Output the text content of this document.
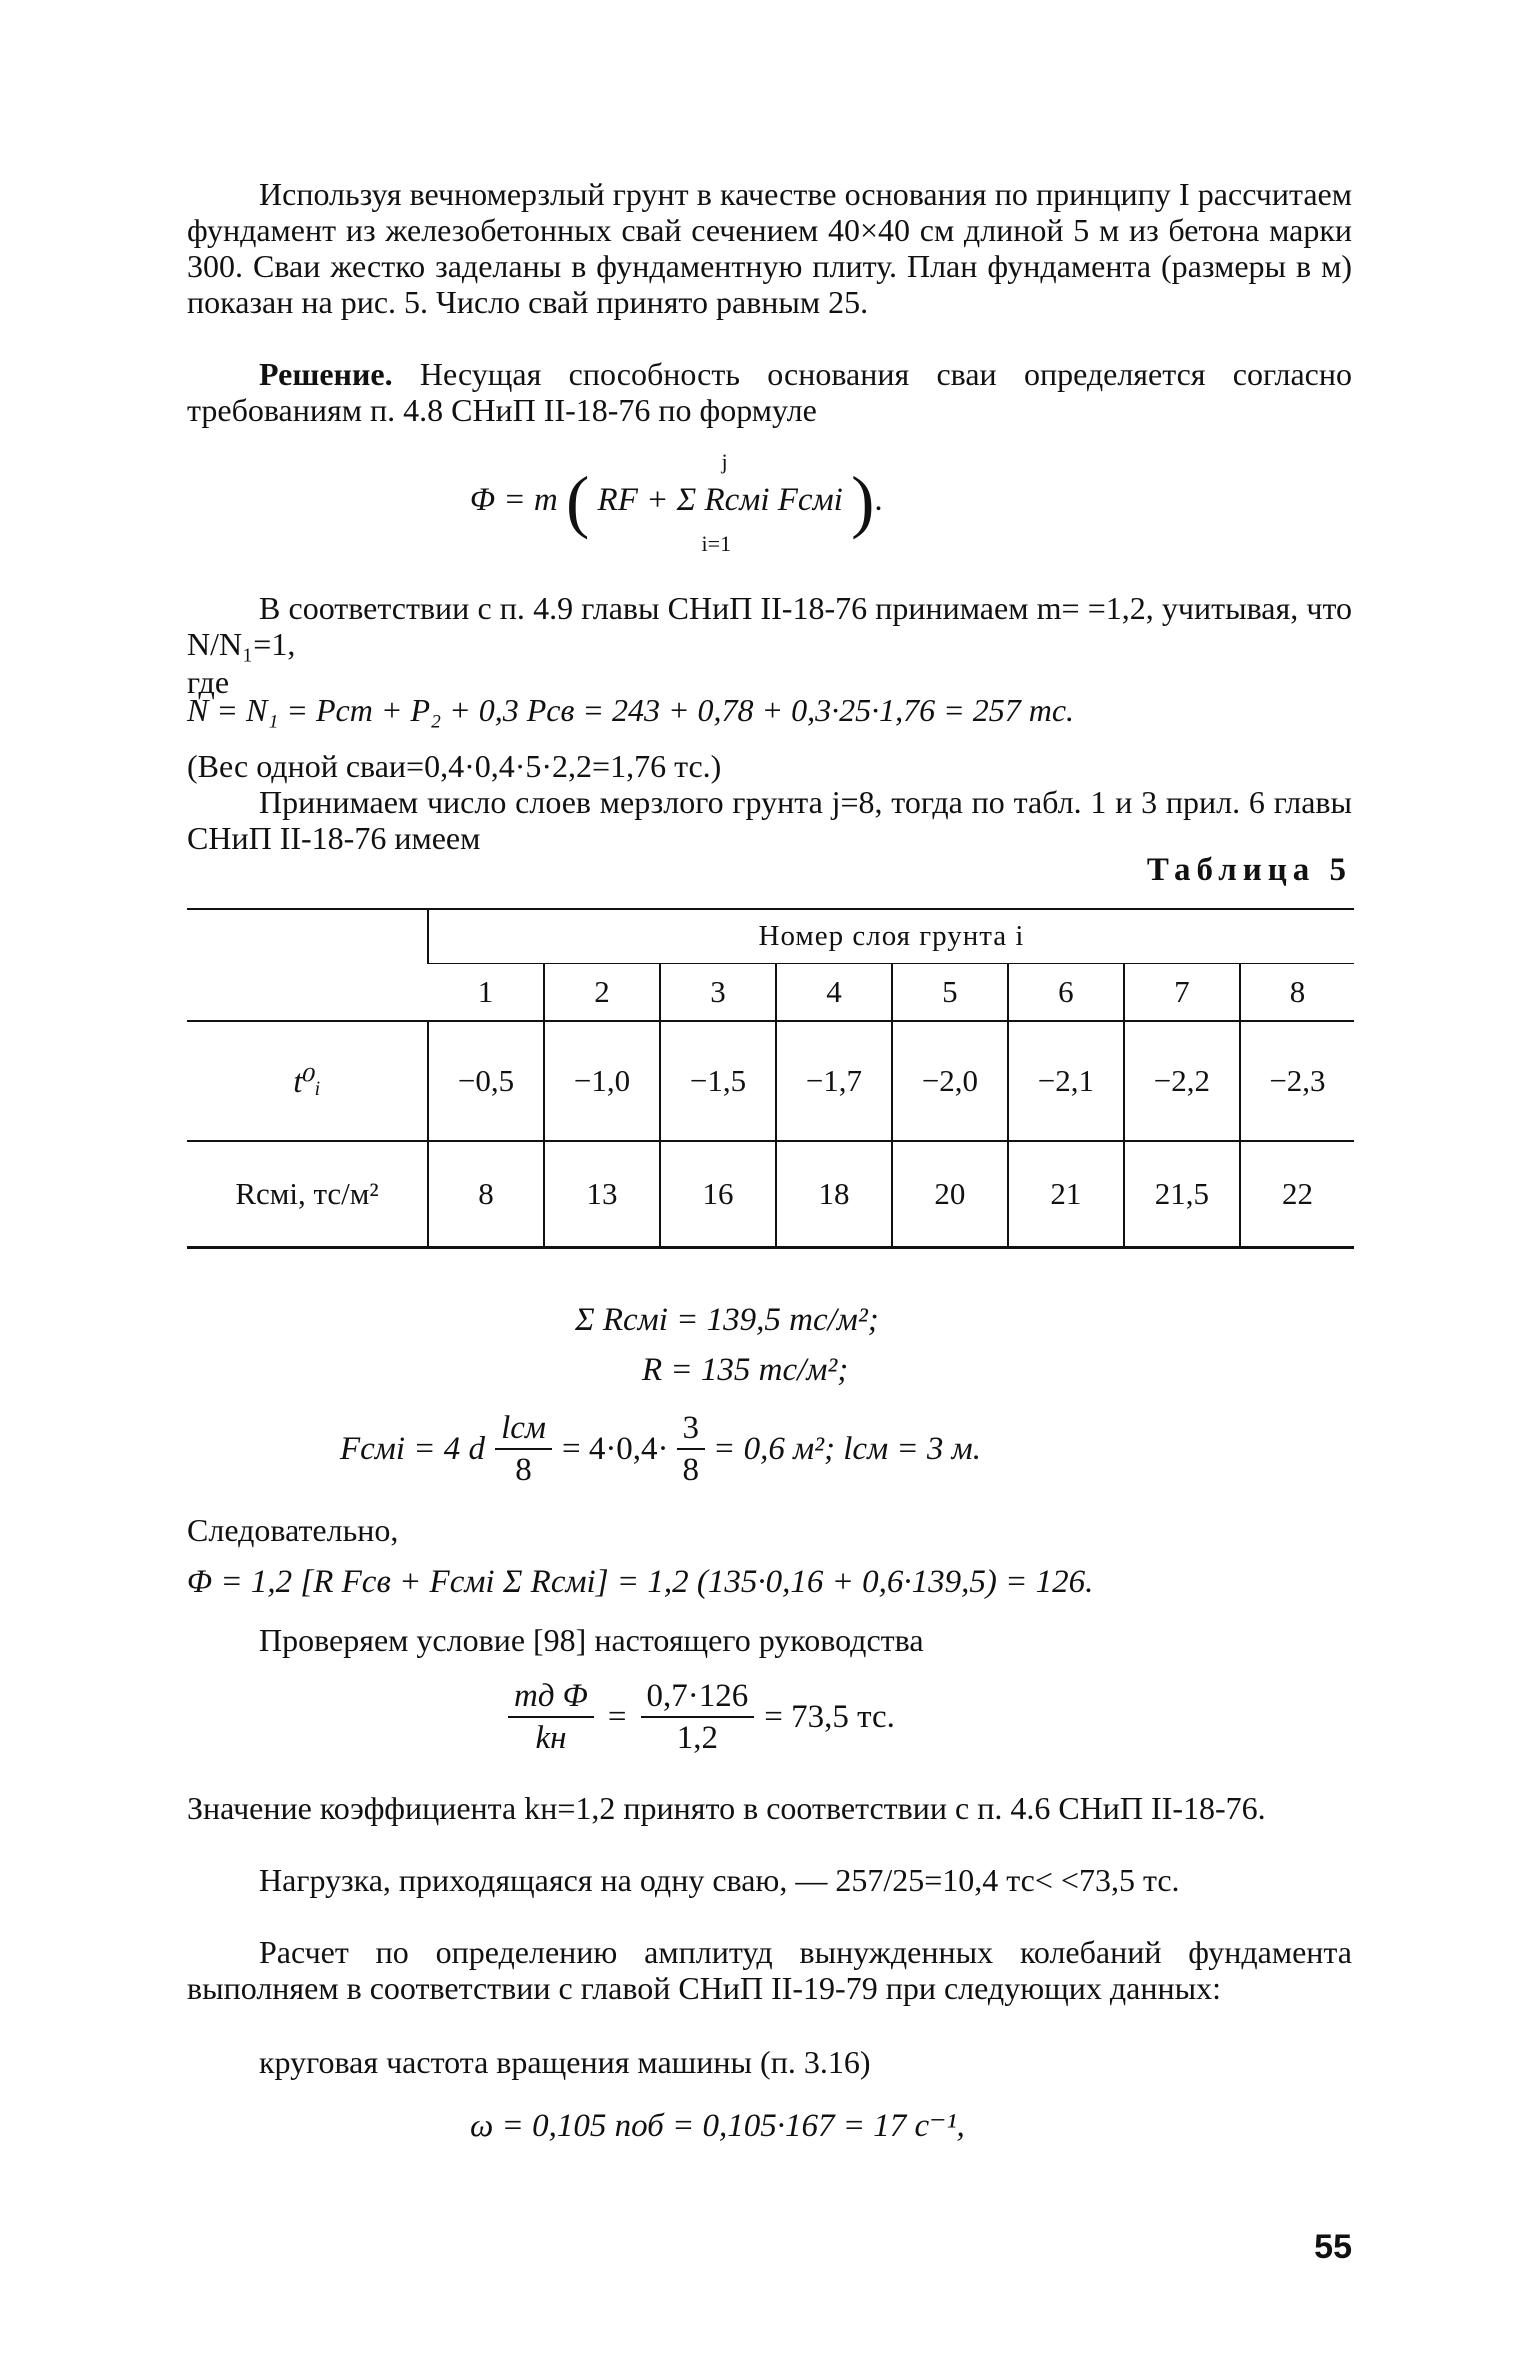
Используя вечномерзлый грунт в качестве основания по принципу I рассчитаем фундамент из железобетонных свай сечением 40×40 см длиной 5 м из бетона марки 300. Сваи жестко заделаны в фундаментную плиту. План фундамента (размеры в м) показан на рис. 5. Число свай принято равным 25.
Решение. Несущая способность основания сваи определяется согласно требованиям п. 4.8 СНиП II-18-76 по формуле
Φ = m ( RF + Σ Rсмi Fсмi
j
i=1
).
В соответствии с п. 4.9 главы СНиП II-18-76 принимаем m= =1,2, учитывая, что N/N₁=1,
где
N = N₁ = Pст + P₂ + 0,3 Pсв = 243 + 0,78 + 0,3·25·1,76 = 257 тс.
(Вес одной сваи=0,4·0,4·5·2,2=1,76 тс.)
Принимаем число слоев мерзлого грунта j=8, тогда по табл. 1 и 3 прил. 6 главы СНиП II-18-76 имеем
Таблица 5
	Номер слоя грунта i							
	1	2	3	4	5	6	7	8
t⁰ᵢ	−0,5	−1,0	−1,5	−1,7	−2,0	−2,1	−2,2	−2,3
Rсмi, тс/м²	8	13	16	18	20	21	21,5	22
Σ Rсмi = 139,5 тс/м²;
R = 135 тс/м²;
Fсмi = 4 d $\frac{\text{lсм}}{8} = 4\cdot 0,4\cdot \frac{3}{8} = 0,6$ м²; lсм = 3 м.
Следовательно,
Φ = 1,2 [R Fсв + Fсмi Σ Rсмi] = 1,2 (135·0,16 + 0,6·139,5) = 126.
Проверяем условие [98] настоящего руководства
$\frac{\text{mд Φ}}{kн} = \frac{0,7\cdot 126}{1,2} = 73,5$ тс.
Значение коэффициента kн=1,2 принято в соответствии с п. 4.6 СНиП II-18-76.
Нагрузка, приходящаяся на одну сваю, — 257/25=10,4 тс< <73,5 тс.
Расчет по определению амплитуд вынужденных колебаний фундамента выполняем в соответствии с главой СНиП II-19-79 при следующих данных:
круговая частота вращения машины (п. 3.16)
ω = 0,105 nоб = 0,105·167 = 17 с⁻¹,
55
